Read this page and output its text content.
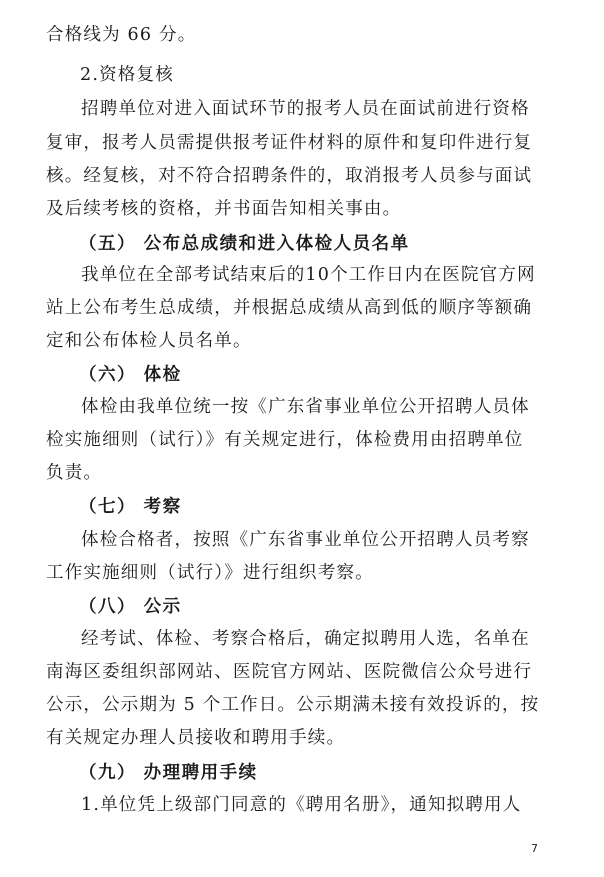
合格线为 66 分。
2.资格复核
招聘单位对进入面试环节的报考人员在面试前进行资格
复审，报考人员需提供报考证件材料的原件和复印件进行复
核。经复核，对不符合招聘条件的，取消报考人员参与面试
及后续考核的资格，并书面告知相关事由。
（五） 公布总成绩和进入体检人员名单
我单位在全部考试结束后的10个工作日内在医院官方网
站上公布考生总成绩，并根据总成绩从高到低的顺序等额确
定和公布体检人员名单。
（六） 体检
体检由我单位统一按《广东省事业单位公开招聘人员体
检实施细则（试行）》有关规定进行，体检费用由招聘单位
负责。
（七） 考察
体检合格者，按照《广东省事业单位公开招聘人员考察
工作实施细则（试行）》进行组织考察。
（八） 公示
经考试、体检、考察合格后，确定拟聘用人选，名单在
南海区委组织部网站、医院官方网站、医院微信公众号进行
公示，公示期为 5 个工作日。公示期满未接有效投诉的，按
有关规定办理人员接收和聘用手续。
（九） 办理聘用手续
1.单位凭上级部门同意的《聘用名册》，通知拟聘用人
7
